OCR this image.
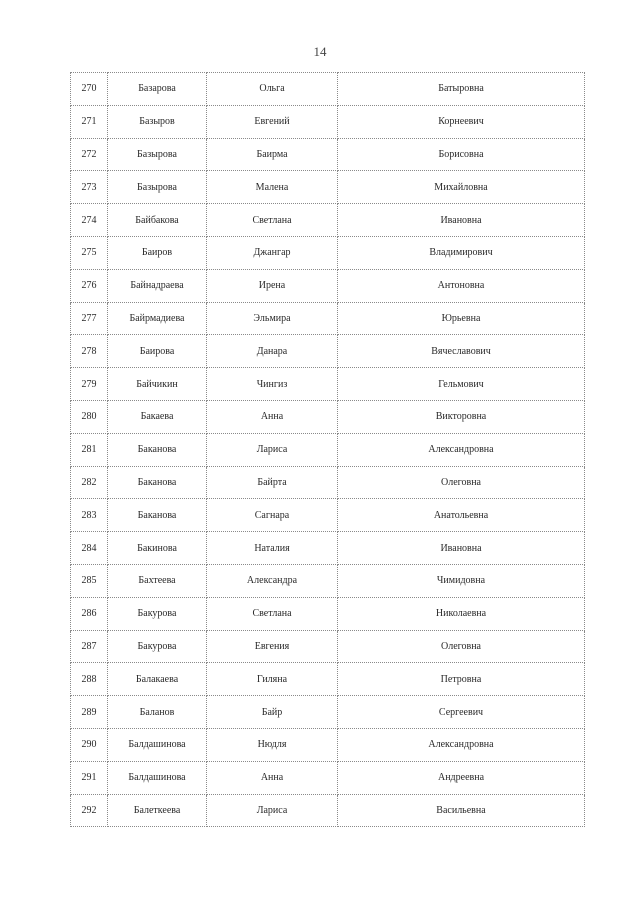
14
270	Базарова	Ольга	Батыровна
271	Базыров	Евгений	Корнеевич
272	Базырова	Баирма	Борисовна
273	Базырова	Малена	Михайловна
274	Байбакова	Светлана	Ивановна
275	Баиров	Джангар	Владимирович
276	Байнадраева	Ирена	Антоновна
277	Байрмадиева	Эльмира	Юрьевна
278	Баирова	Данара	Вячеславович
279	Байчикин	Чингиз	Гельмович
280	Бакаева	Анна	Викторовна
281	Баканова	Лариса	Александровна
282	Баканова	Байрта	Олеговна
283	Баканова	Сагнара	Анатольевна
284	Бакинова	Наталия	Ивановна
285	Бахтеева	Александра	Чимидовна
286	Бакурова	Светлана	Николаевна
287	Бакурова	Евгения	Олеговна
288	Балакаева	Гиляна	Петровна
289	Баланов	Байр	Сергеевич
290	Балдашинова	Нюдля	Александровна
291	Балдашинова	Анна	Андреевна
292	Балеткеева	Лариса	Васильевна
